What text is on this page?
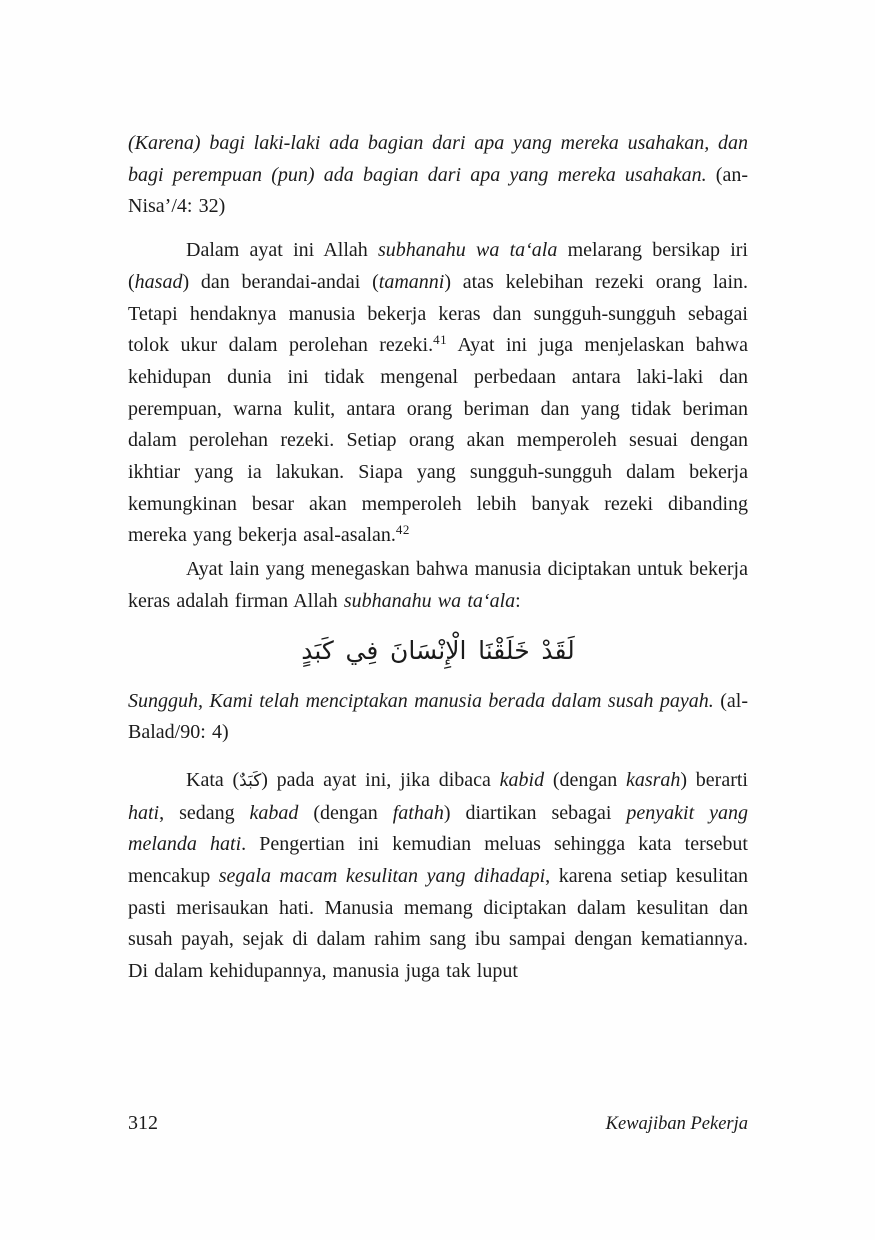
(Karena) bagi laki-laki ada bagian dari apa yang mereka usahakan, dan bagi perempuan (pun) ada bagian dari apa yang mereka usahakan. (an-Nisa’/4: 32)

Dalam ayat ini Allah subhanahu wa ta‘ala melarang bersikap iri (hasad) dan berandai-andai (tamanni) atas kelebihan rezeki orang lain. Tetapi hendaknya manusia bekerja keras dan sungguh-sungguh sebagai tolok ukur dalam perolehan rezeki.$^{41}$ Ayat ini juga menjelaskan bahwa kehidupan dunia ini tidak mengenal perbedaan antara laki-laki dan perempuan, warna kulit, antara orang beriman dan yang tidak beriman dalam perolehan rezeki. Setiap orang akan memperoleh sesuai dengan ikhtiar yang ia lakukan. Siapa yang sungguh-sungguh dalam bekerja kemungkinan besar akan memperoleh lebih banyak rezeki dibanding mereka yang bekerja asal-asalan.$^{42}$

Ayat lain yang menegaskan bahwa manusia diciptakan untuk bekerja keras adalah firman Allah subhanahu wa ta‘ala:

لَقَدْ خَلَقْنَا الْإِنْسَانَ فِي كَبَدٍ

Sungguh, Kami telah menciptakan manusia berada dalam susah payah. (al-Balad/90: 4)

Kata (كَبَدٌ) pada ayat ini, jika dibaca kabid (dengan kasrah) berarti hati, sedang kabad (dengan fathah) diartikan sebagai penyakit yang melanda hati. Pengertian ini kemudian meluas sehingga kata tersebut mencakup segala macam kesulitan yang dihadapi, karena setiap kesulitan pasti merisaukan hati. Manusia memang diciptakan dalam kesulitan dan susah payah, sejak di dalam rahim sang ibu sampai dengan kematiannya. Di dalam kehidupannya, manusia juga tak luput

312	Kewajiban Pekerja
